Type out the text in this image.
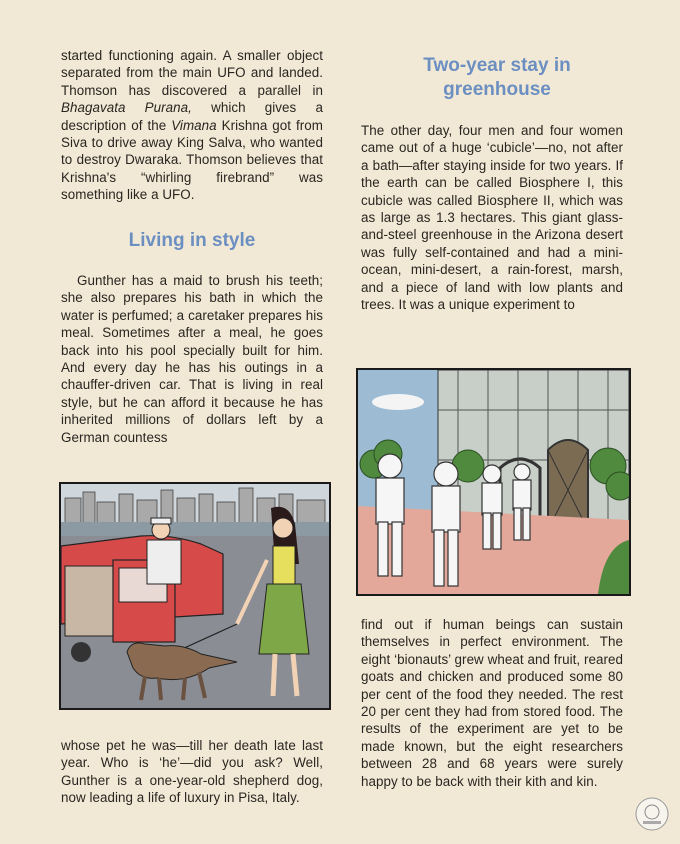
started functioning again. A smaller object separated from the main UFO and landed. Thomson has discovered a parallel in Bhagavata Purana, which gives a description of the Vimana Krishna got from Siva to drive away King Salva, who wanted to destroy Dwaraka. Thomson believes that Krishna's “whirling firebrand” was something like a UFO.

Living in style

Gunther has a maid to brush his teeth; she also prepares his bath in which the water is perfumed; a caretaker prepares his meal. Sometimes after a meal, he goes back into his pool specially built for him. And every day he has his outings in a chauffer-driven car. That is living in real style, but he can afford it because he has inherited millions of dollars left by a German countess

whose pet he was—till her death late last year. Who is ‘he’—did you ask? Well, Gunther is a one-year-old shepherd dog, now leading a life of luxury in Pisa, Italy.

Two-year stay in greenhouse

The other day, four men and four women came out of a huge ‘cubicle’—no, not after a bath—after staying inside for two years. If the earth can be called Biosphere I, this cubicle was called Biosphere II, which was as large as 1.3 hectares. This giant glass-and-steel greenhouse in the Arizona desert was fully self-contained and had a mini-ocean, mini-desert, a rain-forest, marsh, and a piece of land with low plants and trees. It was a unique experiment to

find out if human beings can sustain themselves in perfect environment. The eight ‘bionauts’ grew wheat and fruit, reared goats and chicken and produced some 80 per cent of the food they needed. The rest 20 per cent they had from stored food. The results of the experiment are yet to be made known, but the eight researchers between 28 and 68 years were surely happy to be back with their kith and kin.
